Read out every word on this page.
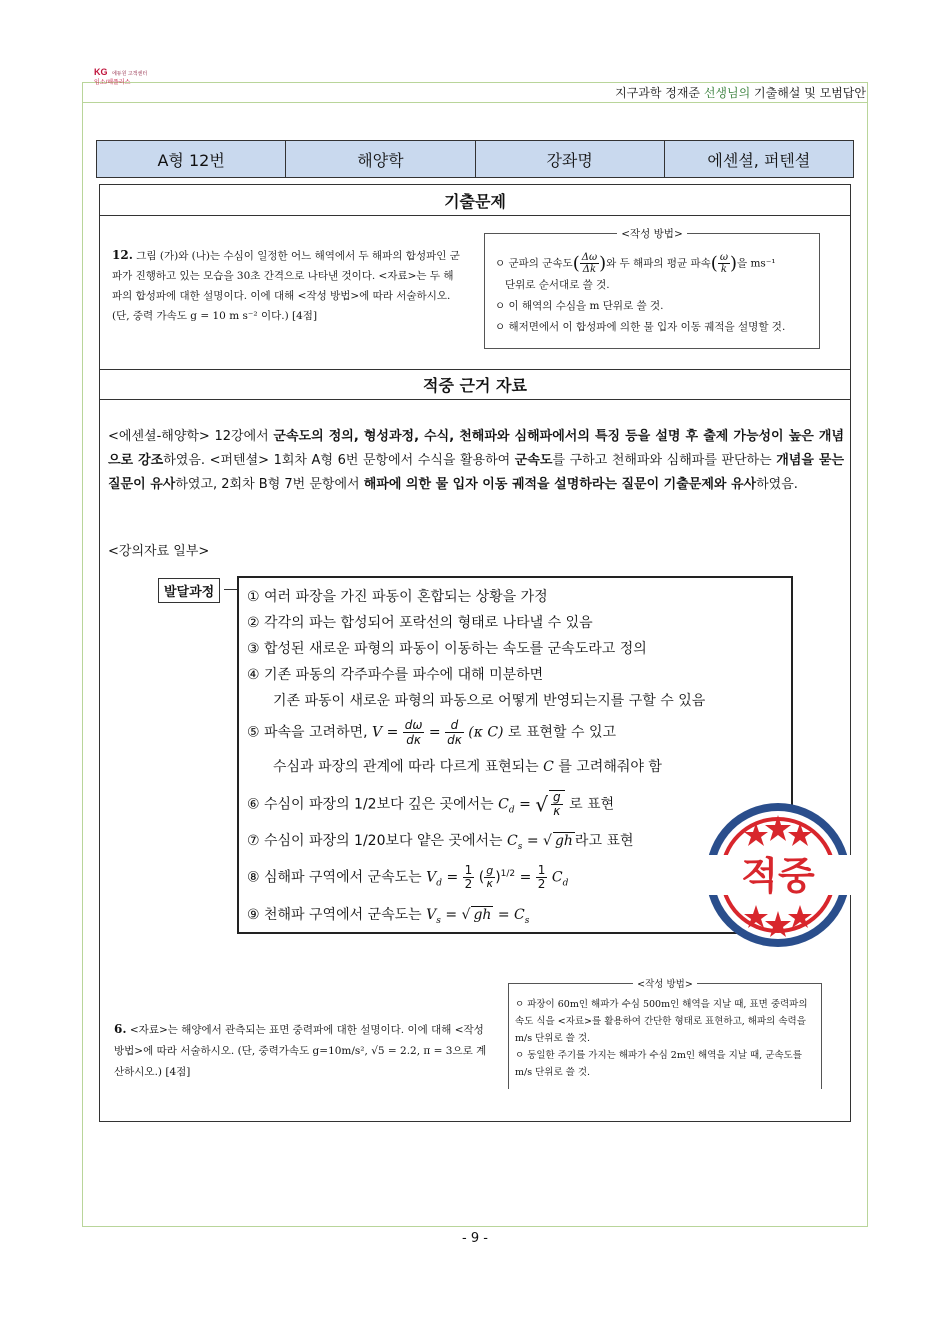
KG 에듀원 고객센터
임소/해플러스
지구과학 정재준 선생님의 기출해설 및 모범답안
A형 12번	해양학	강좌명	에센셜, 퍼텐셜
기출문제
12. 그림 (가)와 (나)는 수심이 일정한 어느 해역에서 두 해파의 합성파인 군파가 진행하고 있는 모습을 30초 간격으로 나타낸 것이다. <자료>는 두 해파의 합성파에 대한 설명이다. 이에 대해 <작성 방법>에 따라 서술하시오. (단, 중력 가속도 g = 10 m s⁻² 이다.) [4점]
<작성 방법>
ㅇ 군파의 군속도( $\frac{\Delta\omega}{\Delta k}$ )와 두 해파의 평균 파속( $\frac{\omega}{k}$ )을 ms⁻¹
단위로 순서대로 쓸 것.
ㅇ 이 해역의 수심을 m 단위로 쓸 것.
ㅇ 해저면에서 이 합성파에 의한 물 입자 이동 궤적을 설명할 것.
적중 근거 자료
<에센셜-해양학> 12강에서 군속도의 정의, 형성과정, 수식, 천해파와 심해파에서의 특징 등을 설명 후 출제 가능성이 높은 개념으로 강조하였음. <퍼텐셜> 1회차 A형 6번 문항에서 수식을 활용하여 군속도를 구하고 천해파와 심해파를 판단하는 개념을 묻는 질문이 유사하였고, 2회차 B형 7번 문항에서 해파에 의한 물 입자 이동 궤적을 설명하라는 질문이 기출문제와 유사하였음.
<강의자료 일부>
발달과정	① 여러 파장을 가진 파동이 혼합되는 상황을 가정
② 각각의 파는 합성되어 포락선의 형태로 나타낼 수 있음
③ 합성된 새로운 파형의 파동이 이동하는 속도를 군속도라고 정의
④ 기존 파동의 각주파수를 파수에 대해 미분하면
기존 파동이 새로운 파형의 파동으로 어떻게 반영되는지를 구할 수 있음
⑤ 파속을 고려하면, $V = \frac{d\omega}{d\kappa} = \frac{d}{d\kappa} (\kappa$ C) 로 표현할 수 있고
수심과 파장의 관계에 따라 다르게 표현되는 C 를 고려해줘야 함
⑥ 수심이 파장의 1/2보다 깊은 곳에서는 $C_d$ = √ $\frac{g}{\kappa}$ 로 표현
⑦ 수심이 파장의 1/20보다 얕은 곳에서는 $C_s$ = √ gh 라고 표현
⑧ 심해파 구역에서 군속도는 $V_d = \frac{1}{2}$ ( $\frac{g}{\kappa} )^{1/2} = \frac{1}{2} C_d$
⑨ 천해파 구역에서 군속도는 $V_s$ = √ gh = $C_s$
적중
<작성 방법>
ㅇ 파장이 60m인 해파가 수심 500m인 해역을 지날 때, 표면 중력파의 속도 식을 <자료>를 활용하여 간단한 형태로 표현하고, 해파의 속력을 m/s 단위로 쓸 것.
ㅇ 동일한 주기를 가지는 해파가 수심 2m인 해역을 지날 때, 군속도를 m/s 단위로 쓸 것.
6. <자료>는 해양에서 관측되는 표면 중력파에 대한 설명이다. 이에 대해 <작성 방법>에 따라 서술하시오. (단, 중력가속도 g=10m/s², √5 = 2.2, π = 3으로 계산하시오.) [4점]
- 9 -
